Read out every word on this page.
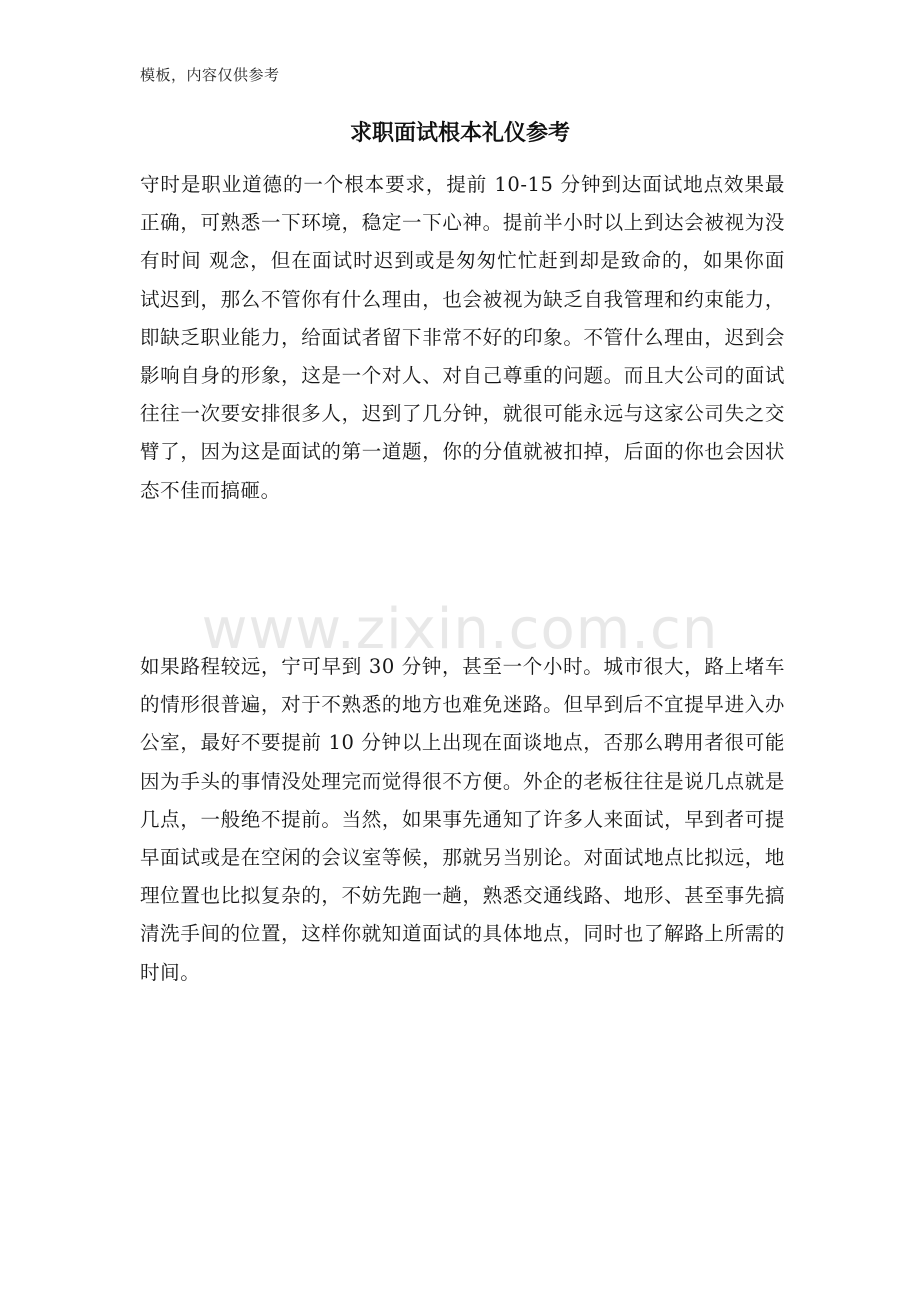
模板，内容仅供参考
求职面试根本礼仪参考
守时是职业道德的一个根本要求，提前 10-15 分钟到达面试地点效果最正确，可熟悉一下环境，稳定一下心神。提前半小时以上到达会被视为没有时间 观念，但在面试时迟到或是匆匆忙忙赶到却是致命的，如果你面试迟到，那么不管你有什么理由，也会被视为缺乏自我管理和约束能力，即缺乏职业能力，给面试者留下非常不好的印象。不管什么理由，迟到会影响自身的形象，这是一个对人、对自己尊重的问题。而且大公司的面试往往一次要安排很多人，迟到了几分钟，就很可能永远与这家公司失之交臂了，因为这是面试的第一道题，你的分值就被扣掉，后面的你也会因状态不佳而搞砸。
www.zixin.com.cn
如果路程较远，宁可早到 30 分钟，甚至一个小时。城市很大，路上堵车的情形很普遍，对于不熟悉的地方也难免迷路。但早到后不宜提早进入办公室，最好不要提前 10 分钟以上出现在面谈地点，否那么聘用者很可能因为手头的事情没处理完而觉得很不方便。外企的老板往往是说几点就是几点，一般绝不提前。当然，如果事先通知了许多人来面试，早到者可提早面试或是在空闲的会议室等候，那就另当别论。对面试地点比拟远，地理位置也比拟复杂的，不妨先跑一趟，熟悉交通线路、地形、甚至事先搞清洗手间的位置，这样你就知道面试的具体地点，同时也了解路上所需的时间。
